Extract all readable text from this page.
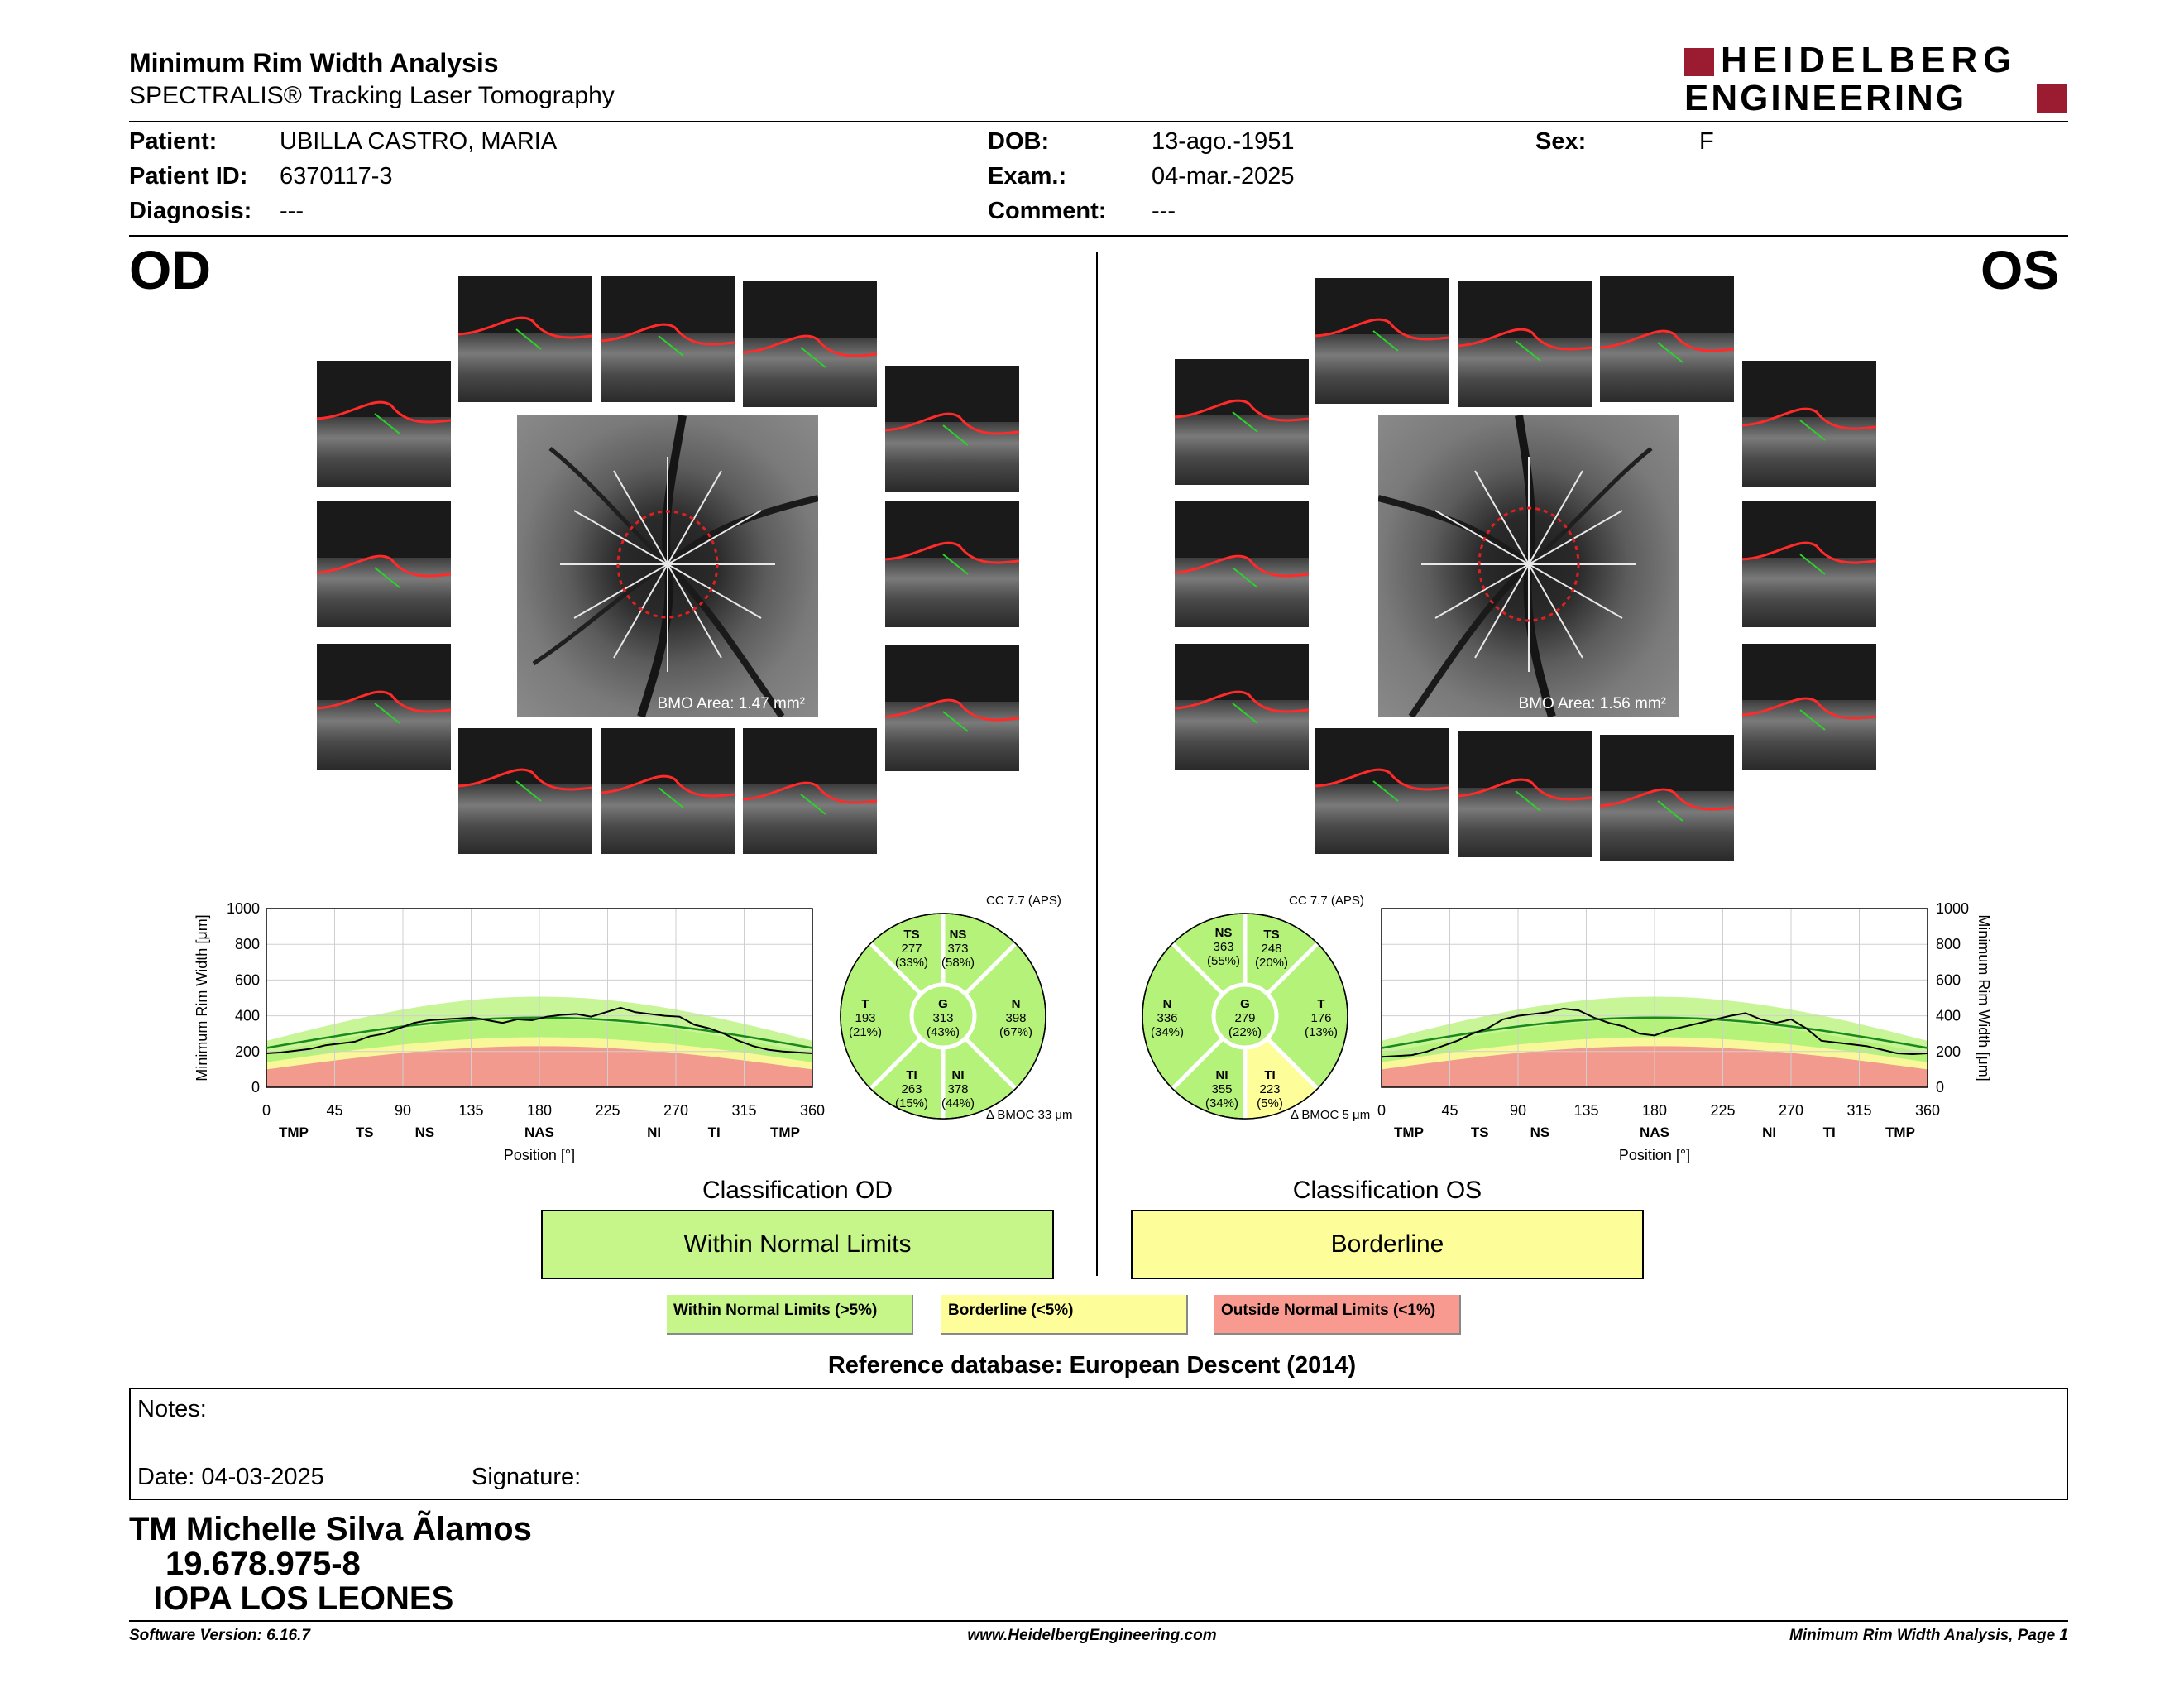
Minimum Rim Width Analysis
SPECTRALIS® Tracking Laser Tomography
HEIDELBERG
ENGINEERING
Patient:	UBILLA CASTRO, MARIA
Patient ID: 6370117-3
Diagnosis: ---
DOB:	13-ago.-1951
Exam.:	04-mar.-2025
Comment: ---
Sex:	F
OD	OS
BMO Area: 1.47 mm²	BMO Area: 1.56 mm²
1000
800
600
400
200
0
0	45	90	135	180	225	270	315	360
TMP	TS	NS	NAS	NI	TI	TMP
Position [°]
Minimum Rim Width [μm]
1000
800
600
400
200
0
0	45	90	135	180	225	270	315	360
TMP	TS	NS	NAS	NI	TI	TMP
Position [°]
Minimum Rim Width [μm]
CC 7.7 (APS)
TS
277
(33%)
NS
373
(58%)
T
193
(21%)
G
313
(43%)
N
398
(67%)
TI
263
(15%)
NI
378
(44%)
Δ BMOC 33 μm
CC 7.7 (APS)
NS
363
(55%)
TS
248
(20%)
N
336
(34%)
G
279
(22%)
T
176
(13%)
NI
355
(34%)
TI
223
(5%)
Δ BMOC 5 μm
Classification OD
Within Normal Limits
Classification OS
Borderline
Within Normal Limits (>5%)	Borderline (<5%)	Outside Normal Limits (<1%)
Reference database: European Descent (2014)
Notes:
Date: 04-03-2025	Signature:
TM Michelle Silva Ãlamos
19.678.975-8
IOPA LOS LEONES
Software Version: 6.16.7	www.HeidelbergEngineering.com	Minimum Rim Width Analysis, Page 1
